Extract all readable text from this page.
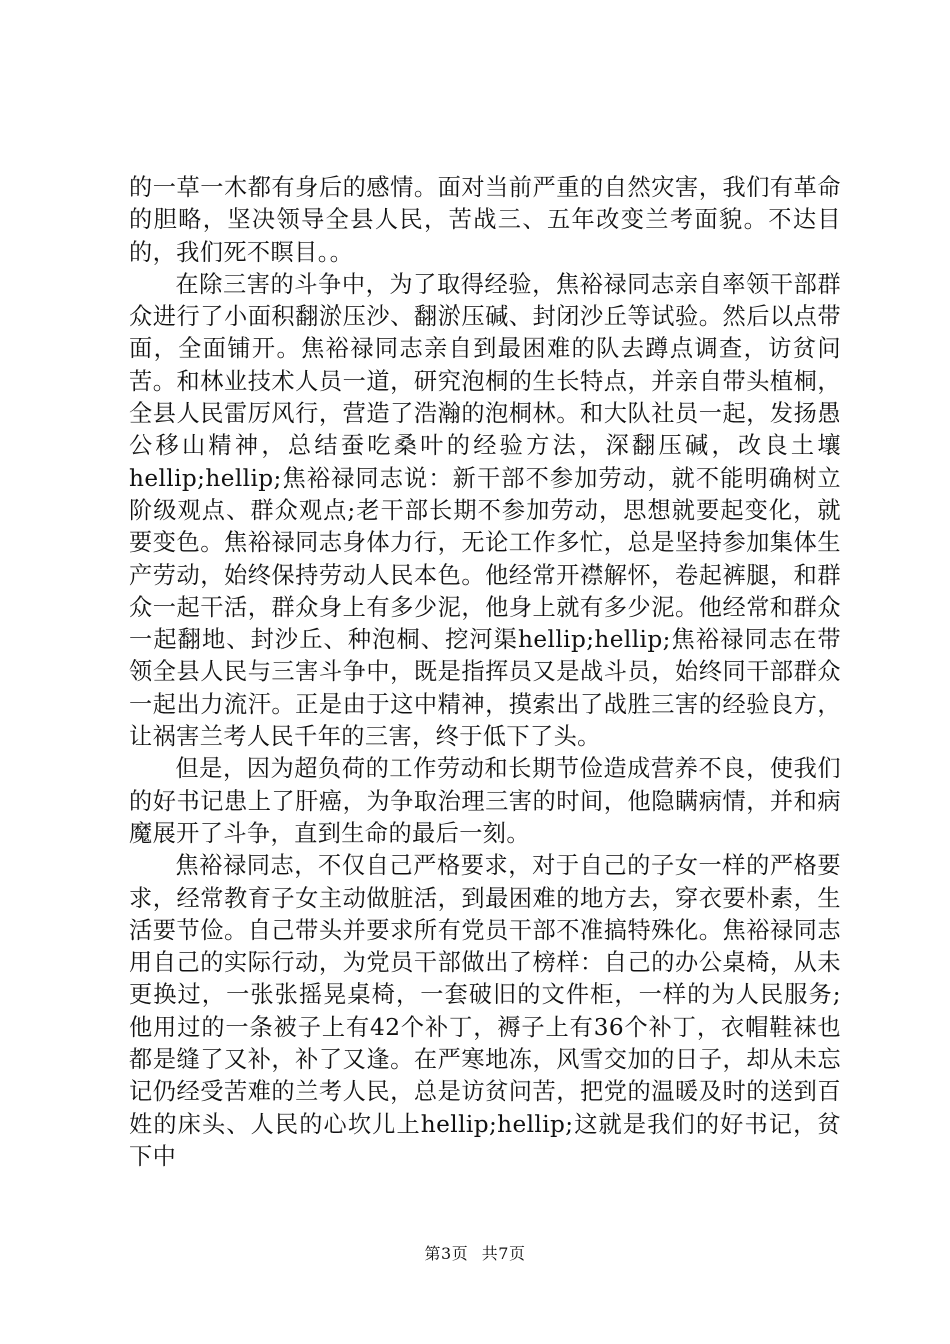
的一草一木都有身后的感情。面对当前严重的自然灾害，我们有革命的胆略，坚决领导全县人民，苦战三、五年改变兰考面貌。不达目的，我们死不瞑目。。

在除三害的斗争中，为了取得经验，焦裕禄同志亲自率领干部群众进行了小面积翻淤压沙、翻淤压碱、封闭沙丘等试验。然后以点带面，全面铺开。焦裕禄同志亲自到最困难的队去蹲点调查，访贫问苦。和林业技术人员一道，研究泡桐的生长特点，并亲自带头植桐，全县人民雷厉风行，营造了浩瀚的泡桐林。和大队社员一起，发扬愚公移山精神，总结蚕吃桑叶的经验方法，深翻压碱，改良土壤hellip;hellip;焦裕禄同志说：新干部不参加劳动，就不能明确树立阶级观点、群众观点;老干部长期不参加劳动，思想就要起变化，就要变色。焦裕禄同志身体力行，无论工作多忙，总是坚持参加集体生产劳动，始终保持劳动人民本色。他经常开襟解怀，卷起裤腿，和群众一起干活，群众身上有多少泥，他身上就有多少泥。他经常和群众一起翻地、封沙丘、种泡桐、挖河渠hellip;hellip;焦裕禄同志在带领全县人民与三害斗争中，既是指挥员又是战斗员，始终同干部群众一起出力流汗。正是由于这中精神，摸索出了战胜三害的经验良方，让祸害兰考人民千年的三害，终于低下了头。

但是，因为超负荷的工作劳动和长期节俭造成营养不良，使我们的好书记患上了肝癌，为争取治理三害的时间，他隐瞒病情，并和病魔展开了斗争，直到生命的最后一刻。

焦裕禄同志，不仅自己严格要求，对于自己的子女一样的严格要求，经常教育子女主动做脏活，到最困难的地方去，穿衣要朴素，生活要节俭。自己带头并要求所有党员干部不准搞特殊化。焦裕禄同志用自己的实际行动，为党员干部做出了榜样：自己的办公桌椅，从未更换过，一张张摇晃桌椅，一套破旧的文件柜，一样的为人民服务;他用过的一条被子上有42个补丁，褥子上有36个补丁，衣帽鞋袜也都是缝了又补，补了又逢。在严寒地冻，风雪交加的日子，却从未忘记仍经受苦难的兰考人民，总是访贫问苦，把党的温暖及时的送到百姓的床头、人民的心坎儿上hellip;hellip;这就是我们的好书记，贫下中

第3页 共7页
